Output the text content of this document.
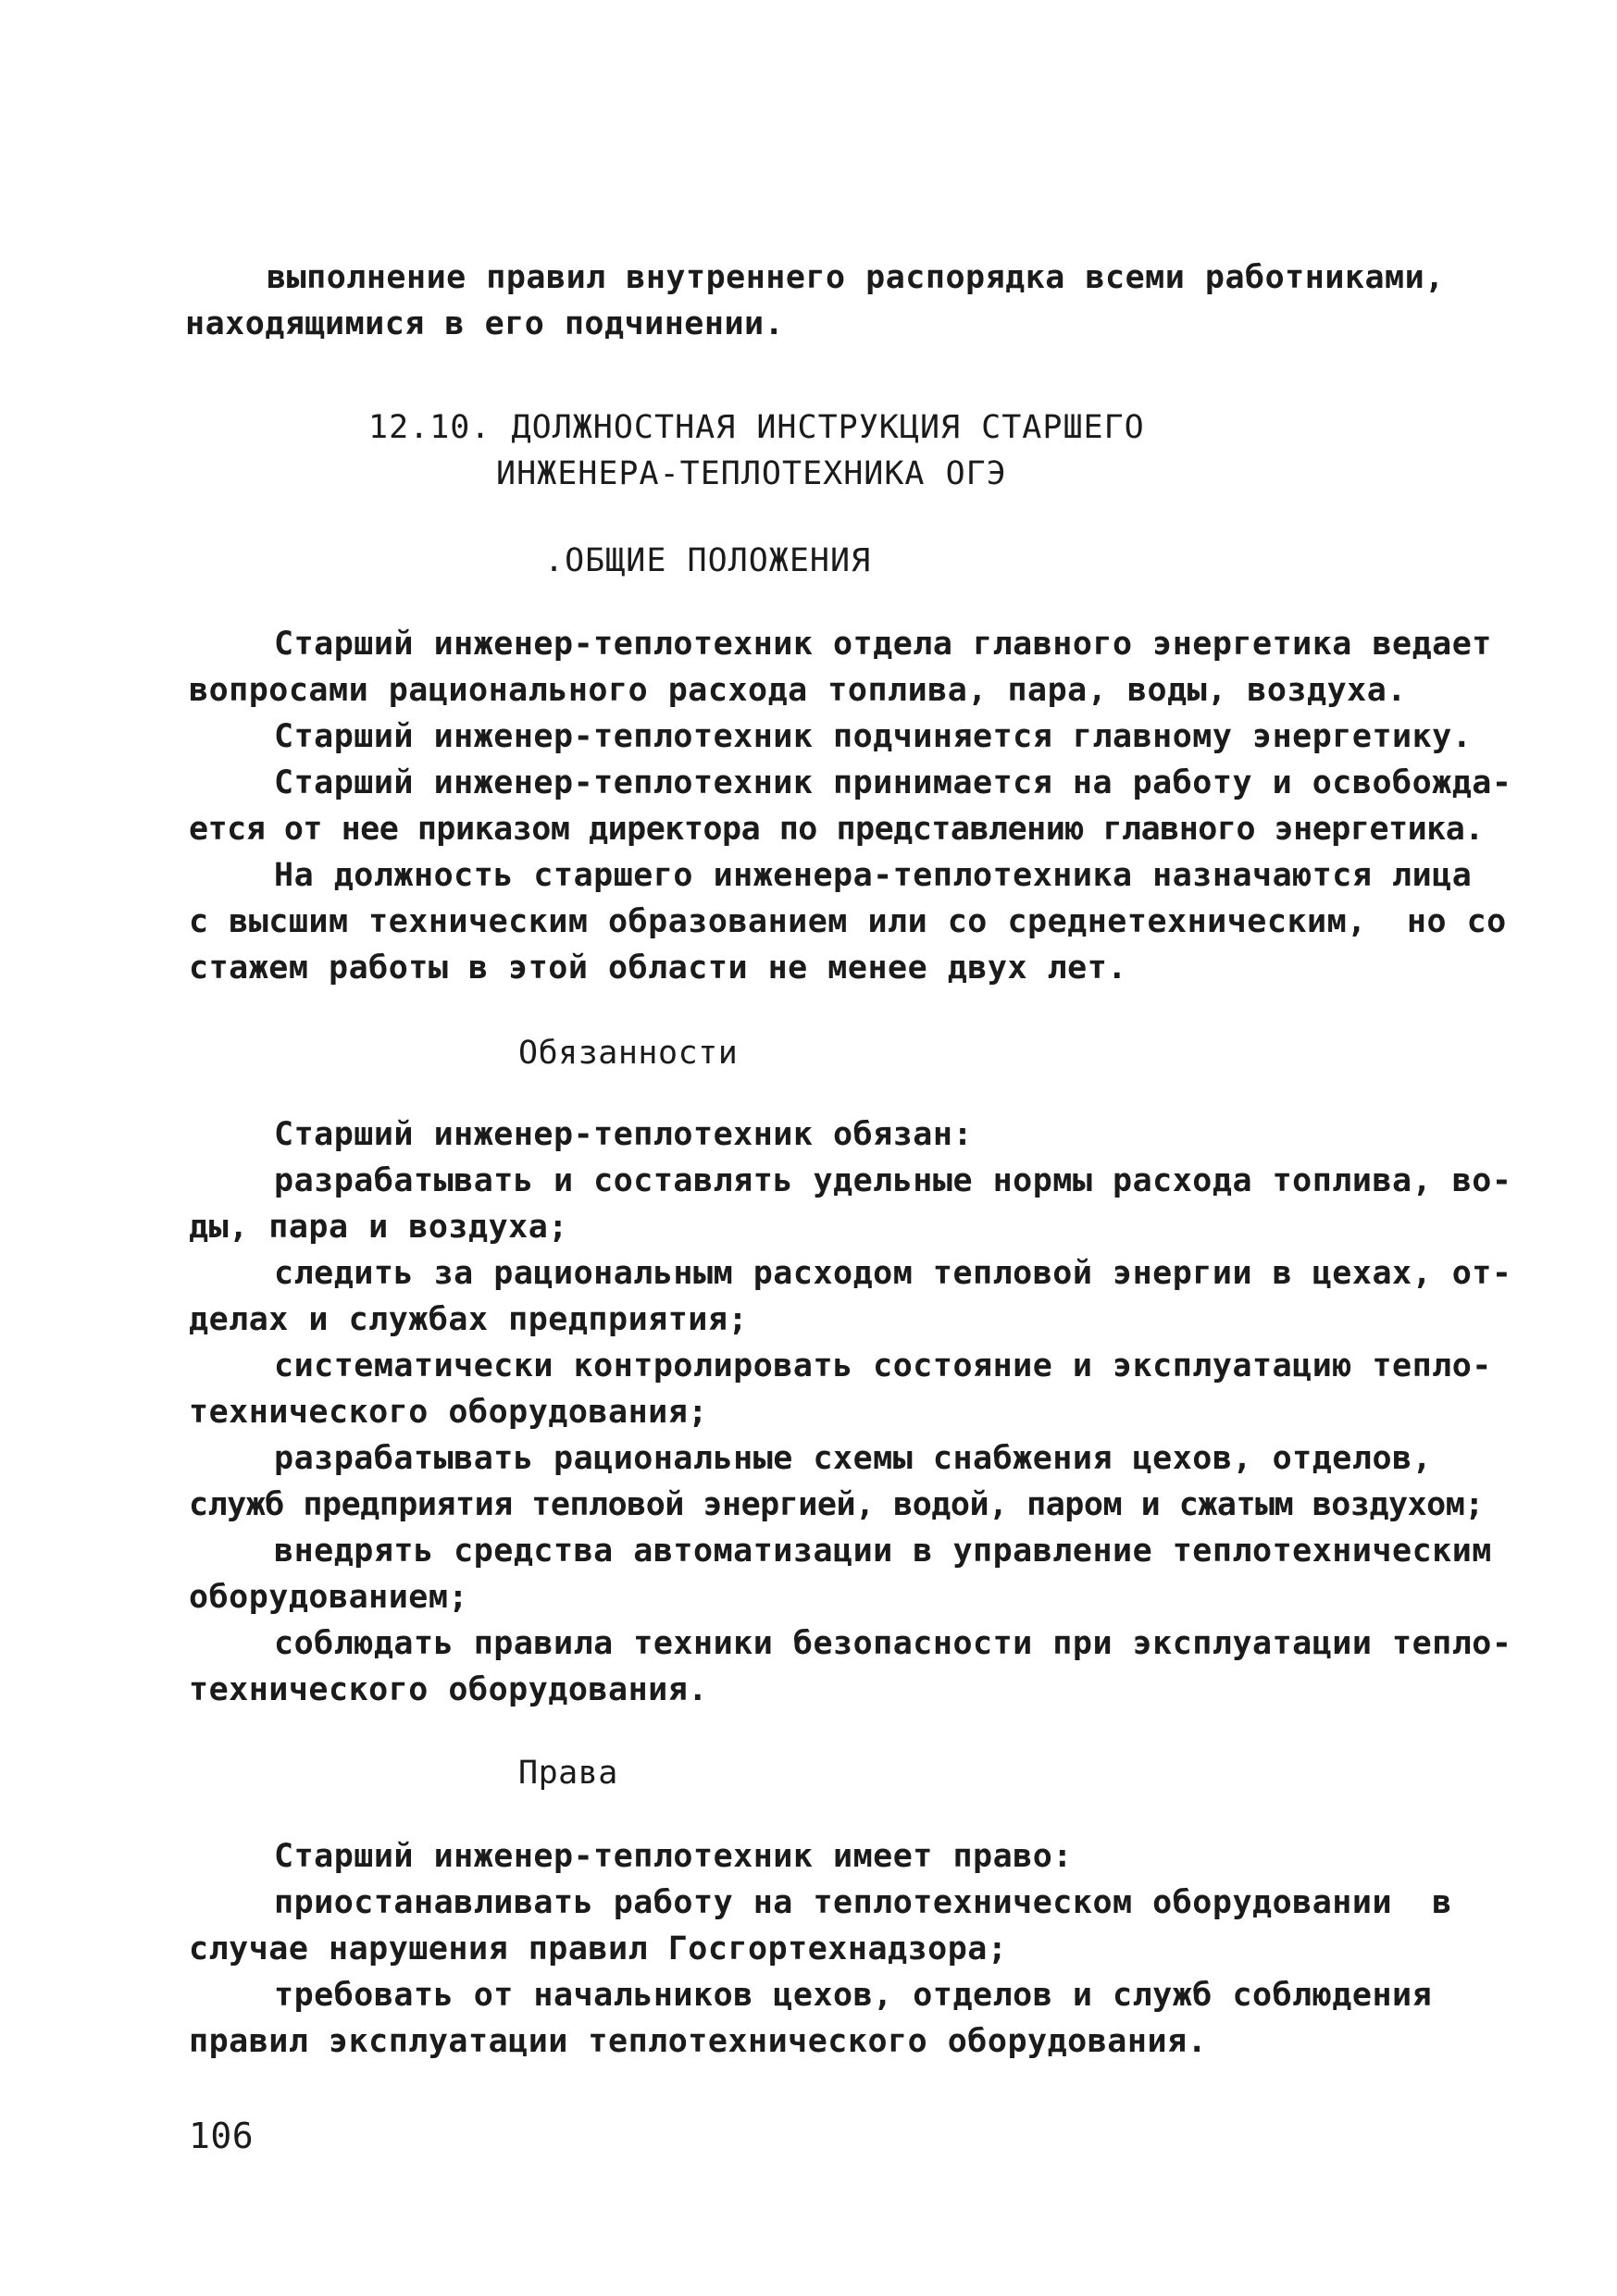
выполнение правил внутреннего распорядка всеми работниками,
находящимися в его подчинении.
12.10. ДОЛЖНОСТНАЯ ИНСТРУКЦИЯ СТАРШЕГО
ИНЖЕНЕРА-ТЕПЛОТЕХНИКА ОГЭ
.ОБЩИЕ ПОЛОЖЕНИЯ
Старший инженер-теплотехник отдела главного энергетика ведает
вопросами рационального расхода топлива, пара, воды, воздуха.
Старший инженер-теплотехник подчиняется главному энергетику.
Старший инженер-теплотехник принимается на работу и освобожда-
ется от нее приказом директора по представлению главного энергетика.
На должность старшего инженера-теплотехника назначаются лица
с высшим техническим образованием или со среднетехническим,  но со
стажем работы в этой области не менее двух лет.
Обязанности
Старший инженер-теплотехник обязан:
разрабатывать и составлять удельные нормы расхода топлива, во-
ды, пара и воздуха;
следить за рациональным расходом тепловой энергии в цехах, от-
делах и службах предприятия;
систематически контролировать состояние и эксплуатацию тепло-
технического оборудования;
разрабатывать рациональные схемы снабжения цехов, отделов,
служб предприятия тепловой энергией, водой, паром и сжатым воздухом;
внедрять средства автоматизации в управление теплотехническим
оборудованием;
соблюдать правила техники безопасности при эксплуатации тепло-
технического оборудования.
Права
Старший инженер-теплотехник имеет право:
приостанавливать работу на теплотехническом оборудовании  в
случае нарушения правил Госгортехнадзора;
требовать от начальников цехов, отделов и служб соблюдения
правил эксплуатации теплотехнического оборудования.
106
